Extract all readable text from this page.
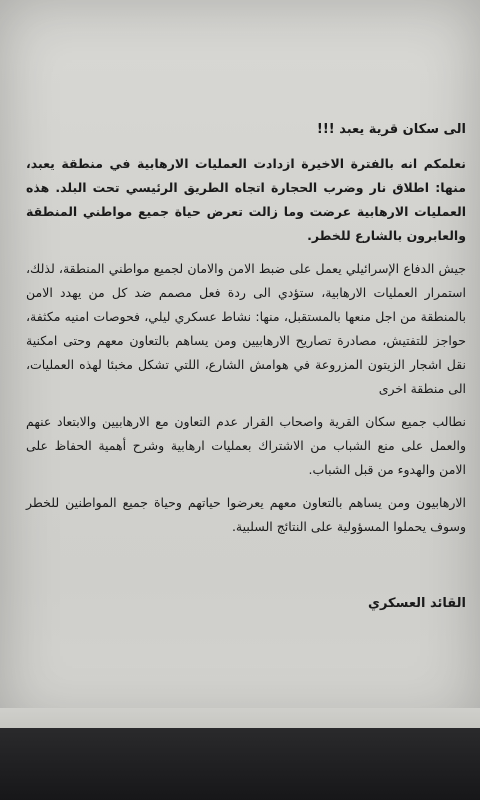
الى سكان قرية يعبد !!!

نعلمكم انه بالفترة الاخيرة ازدادت العمليات الارهابية في منطقة يعبد، منها: اطلاق نار وضرب الحجارة اتجاه الطريق الرئيسي تحت البلد. هذه العمليات الارهابية عرضت وما زالت تعرض حياة جميع مواطني المنطقة والعابرون بالشارع للخطر.

جيش الدفاع الإسرائيلي يعمل على ضبط الامن والامان لجميع مواطني المنطقة، لذلك، استمرار العمليات الارهابية، ستؤدي الى ردة فعل مصمم ضد كل من يهدد الامن بالمنطقة من اجل منعها بالمستقبل، منها: نشاط عسكري ليلي، فحوصات امنيه مكثفة، حواجز للتفتيش، مصادرة تصاريح الارهابيين ومن يساهم بالتعاون معهم وحتى امكنية نقل اشجار الزيتون المزروعة في هوامش الشارع، اللتي تشكل مخبئا لهذه العمليات، الى منطقة اخرى

نطالب جميع سكان القرية واصحاب القرار عدم التعاون مع الارهابيين والابتعاد عنهم والعمل على منع الشباب من الاشتراك بعمليات ارهابية وشرح أهمية الحفاظ على الامن والهدوء من قبل الشباب.

الارهابيون ومن يساهم بالتعاون معهم يعرضوا حياتهم وحياة جميع المواطنين للخطر وسوف يحملوا المسؤولية على النتائج السلبية.

القائد العسكري
